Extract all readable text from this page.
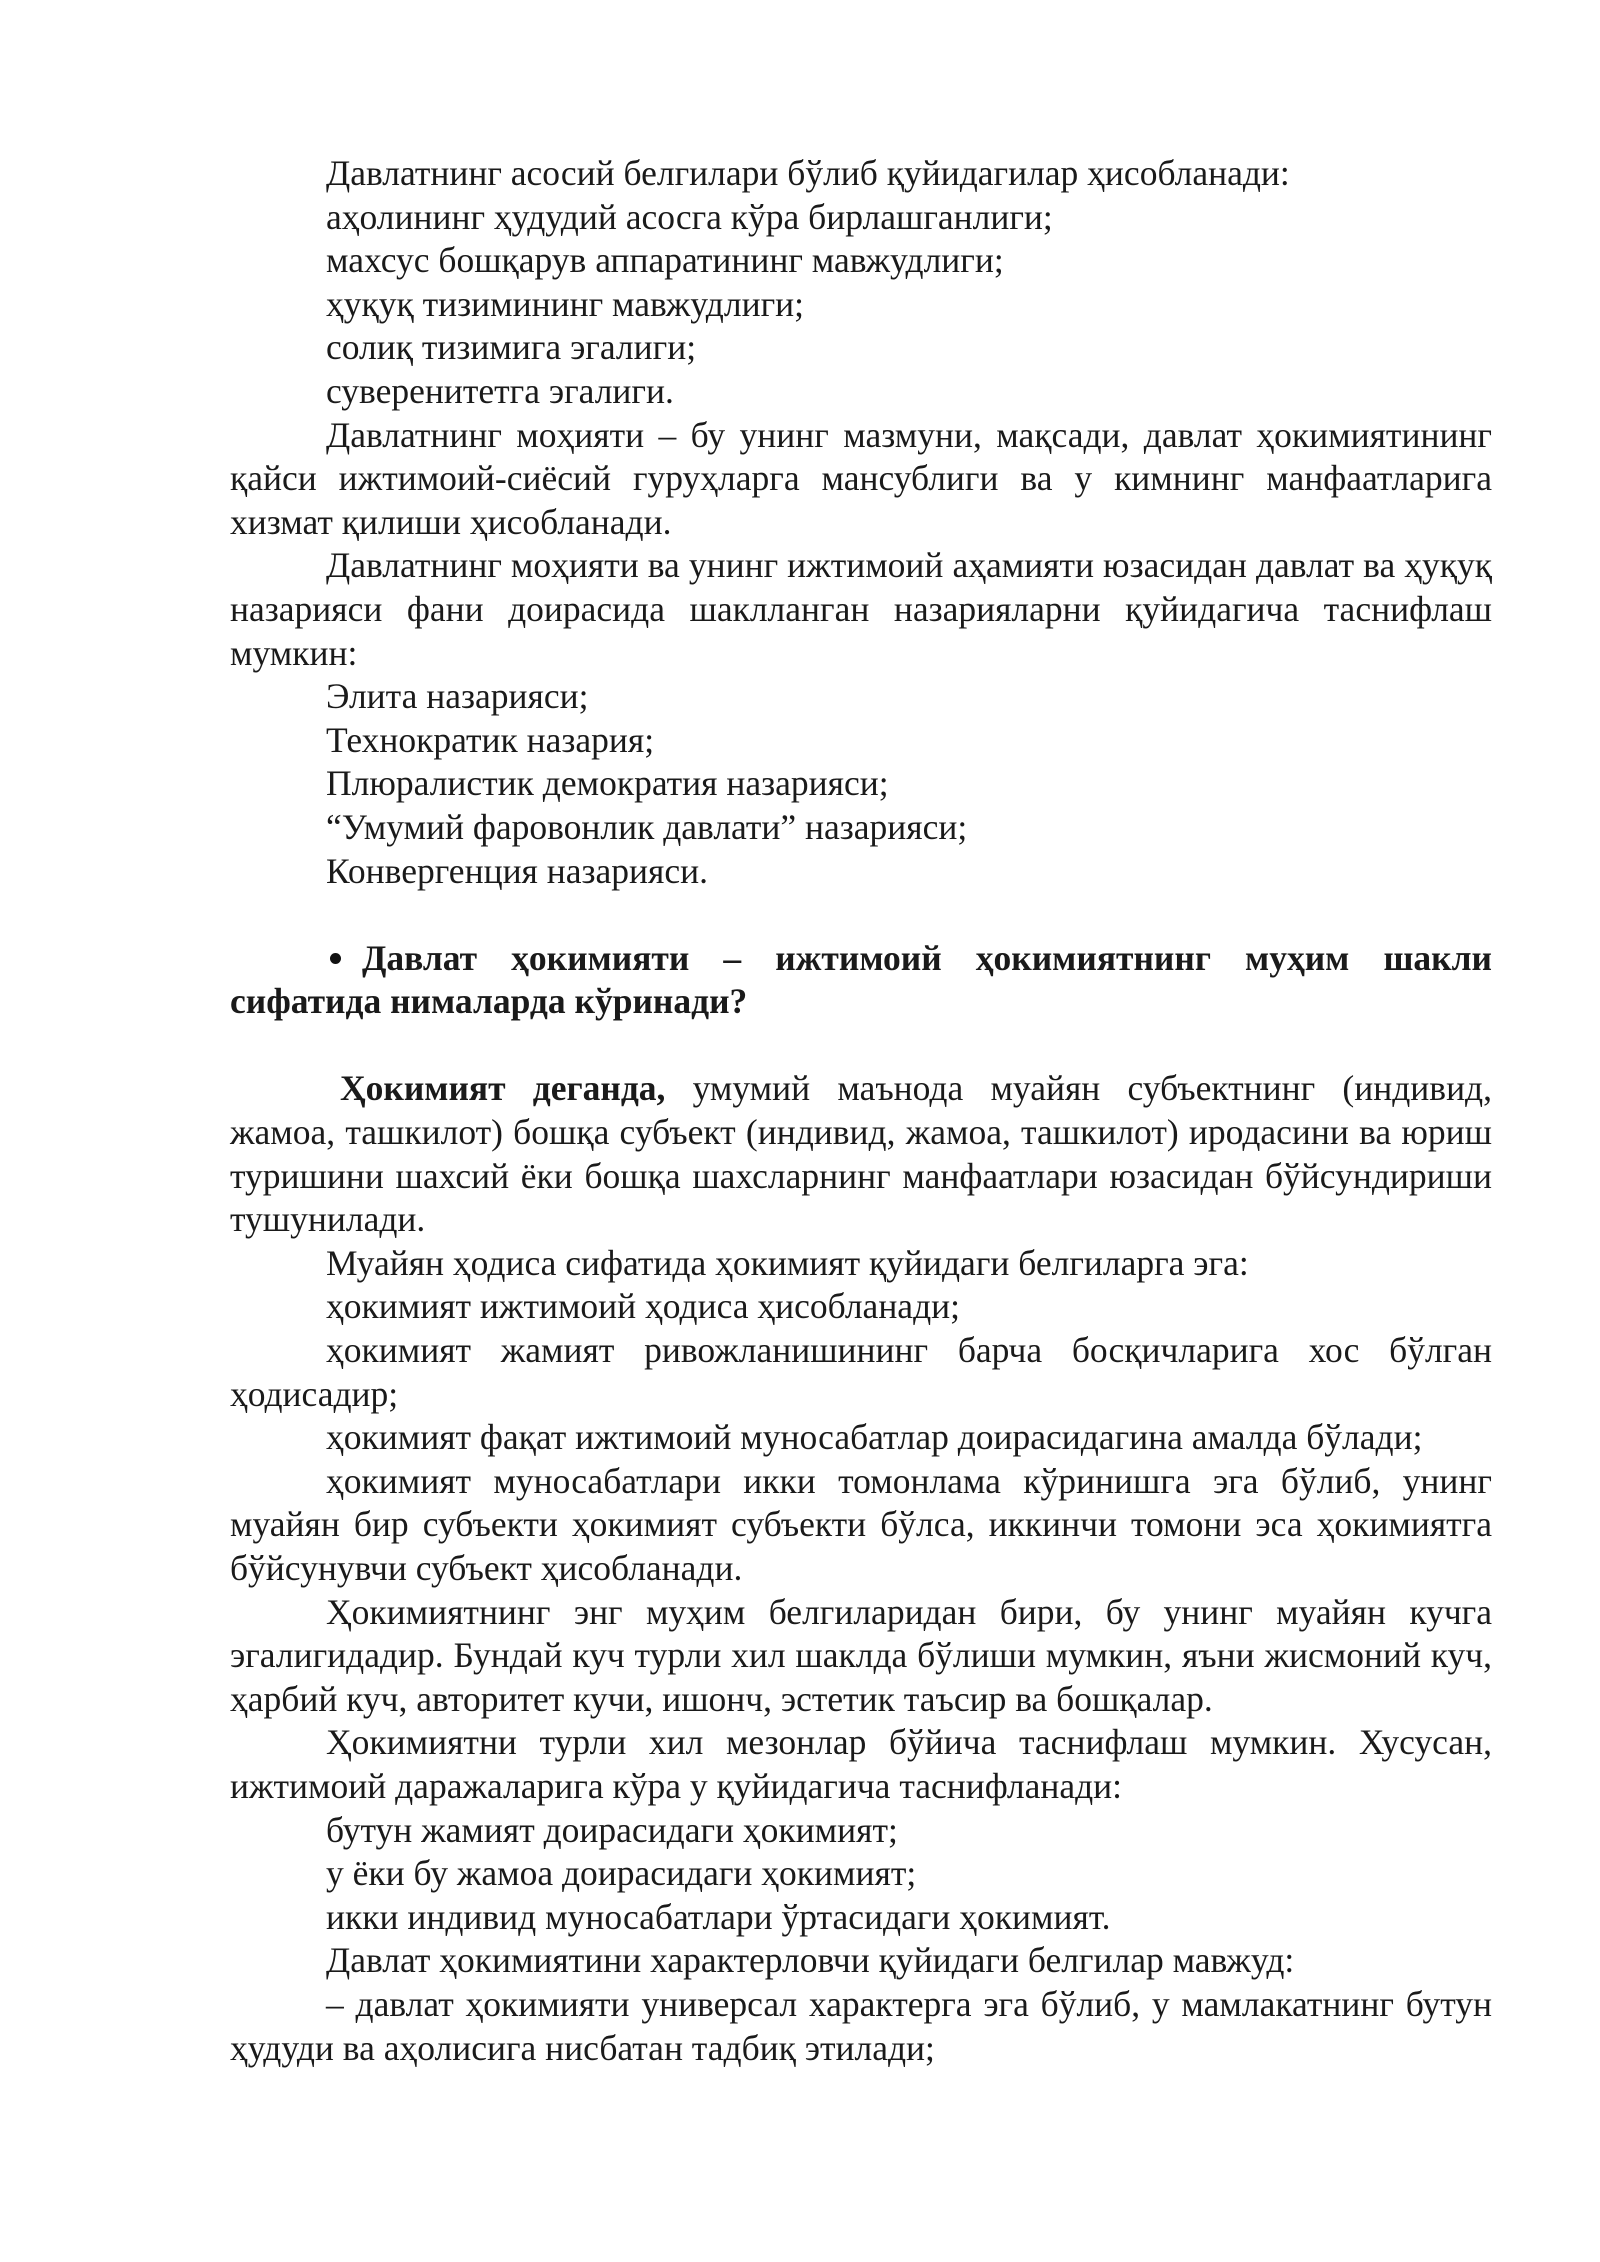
Давлатнинг асосий белгилари бўлиб қуйидагилар ҳисобланади:

аҳолининг ҳудудий асосга кўра бирлашганлиги;

махсус бошқарув аппаратининг мавжудлиги;

ҳуқуқ тизимининг мавжудлиги;

солиқ тизимига эгалиги;

суверенитетга эгалиги.

Давлатнинг моҳияти – бу унинг мазмуни, мақсади, давлат ҳокимиятининг қайси ижтимоий-сиёсий гуруҳларга мансублиги ва у кимнинг манфаатларига хизмат қилиши ҳисобланади.

Давлатнинг моҳияти ва унинг ижтимоий аҳамияти юзасидан давлат ва ҳуқуқ назарияси фани доирасида шаклланган назарияларни қуйидагича таснифлаш мумкин:

Элита назарияси;

Технократик назария;

Плюралистик демократия назарияси;

“Умумий фаровонлик давлати” назарияси;

Конвергенция назарияси.

Давлат ҳокимияти – ижтимоий ҳокимиятнинг муҳим шакли сифатида нималарда кўринади?

Ҳокимият деганда, умумий маънода муайян субъектнинг (индивид, жамоа, ташкилот) бошқа субъект (индивид, жамоа, ташкилот) иродасини ва юриш туришини шахсий ёки бошқа шахсларнинг манфаатлари юзасидан бўйсундириши тушунилади.

Муайян ҳодиса сифатида ҳокимият қуйидаги белгиларга эга:

ҳокимият ижтимоий ҳодиса ҳисобланади;

ҳокимият жамият ривожланишининг барча босқичларига хос бўлган ҳодисадир;

ҳокимият фақат ижтимоий муносабатлар доирасидагина амалда бўлади;

ҳокимият муносабатлари икки томонлама кўринишга эга бўлиб, унинг муайян бир субъекти ҳокимият субъекти бўлса, иккинчи томони эса ҳокимиятга бўйсунувчи субъект ҳисобланади.

Ҳокимиятнинг энг муҳим белгиларидан бири, бу унинг муайян кучга эгалигидадир. Бундай куч турли хил шаклда бўлиши мумкин, яъни жисмоний куч, ҳарбий куч, авторитет кучи, ишонч, эстетик таъсир ва бошқалар.

Ҳокимиятни турли хил мезонлар бўйича таснифлаш мумкин. Хусусан, ижтимоий даражаларига кўра у қуйидагича таснифланади:

бутун жамият доирасидаги ҳокимият;

у ёки бу жамоа доирасидаги ҳокимият;

икки индивид муносабатлари ўртасидаги ҳокимият.

Давлат ҳокимиятини характерловчи қуйидаги белгилар мавжуд:

– давлат ҳокимияти универсал характерга эга бўлиб, у мамлакатнинг бутун ҳудуди ва аҳолисига нисбатан тадбиқ этилади;
